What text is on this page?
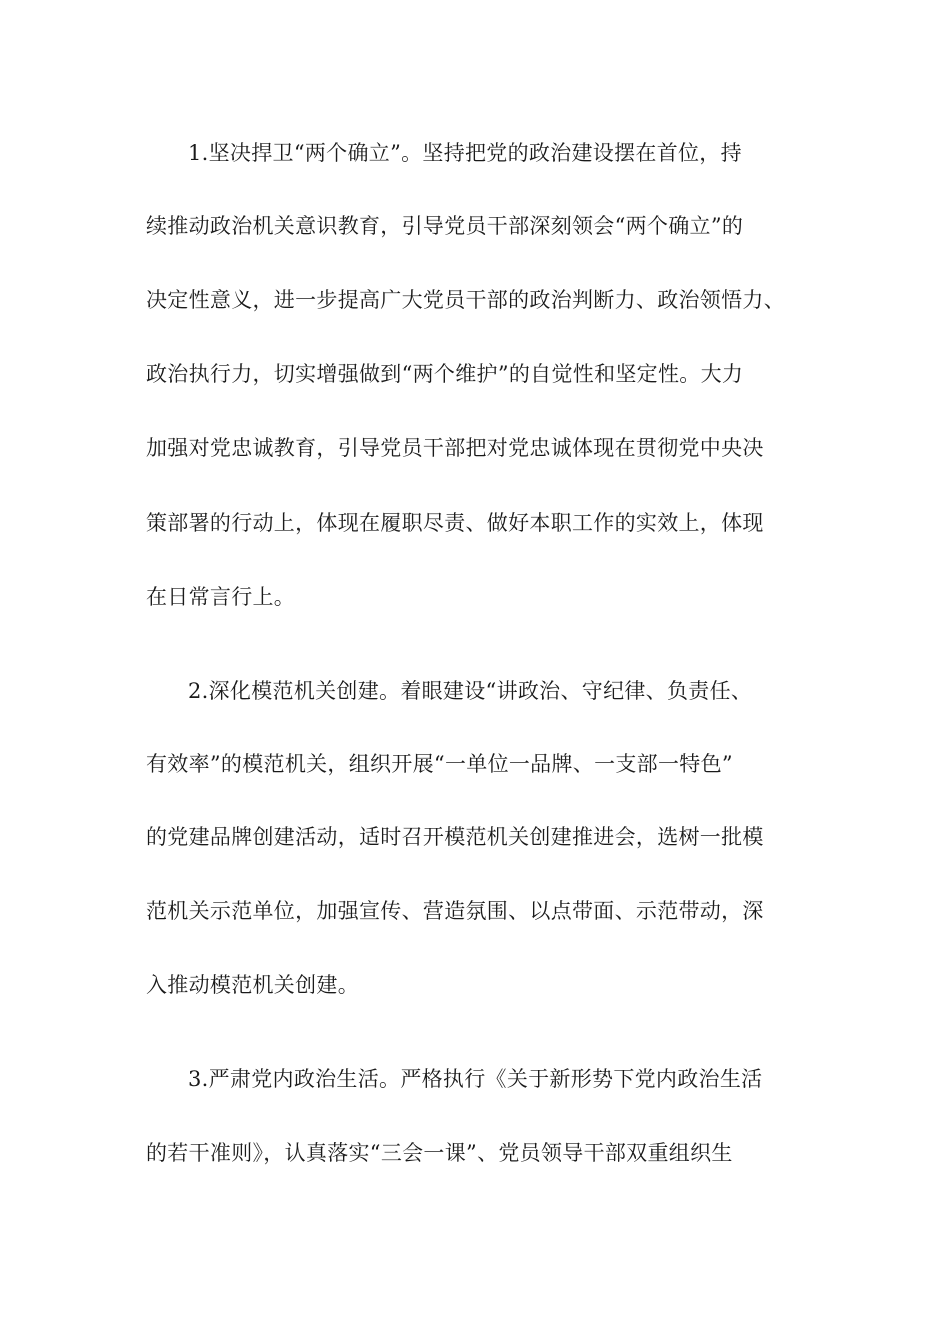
1.坚决捍卫“两个确立”。坚持把党的政治建设摆在首位，持
续推动政治机关意识教育，引导党员干部深刻领会“两个确立”的
决定性意义，进一步提高广大党员干部的政治判断力、政治领悟力、
政治执行力，切实增强做到“两个维护”的自觉性和坚定性。大力
加强对党忠诚教育，引导党员干部把对党忠诚体现在贯彻党中央决
策部署的行动上，体现在履职尽责、做好本职工作的实效上，体现
在日常言行上。
2.深化模范机关创建。着眼建设“讲政治、守纪律、负责任、
有效率”的模范机关，组织开展“一单位一品牌、一支部一特色”
的党建品牌创建活动，适时召开模范机关创建推进会，选树一批模
范机关示范单位，加强宣传、营造氛围、以点带面、示范带动，深
入推动模范机关创建。
3.严肃党内政治生活。严格执行《关于新形势下党内政治生活
的若干准则》，认真落实“三会一课”、党员领导干部双重组织生
